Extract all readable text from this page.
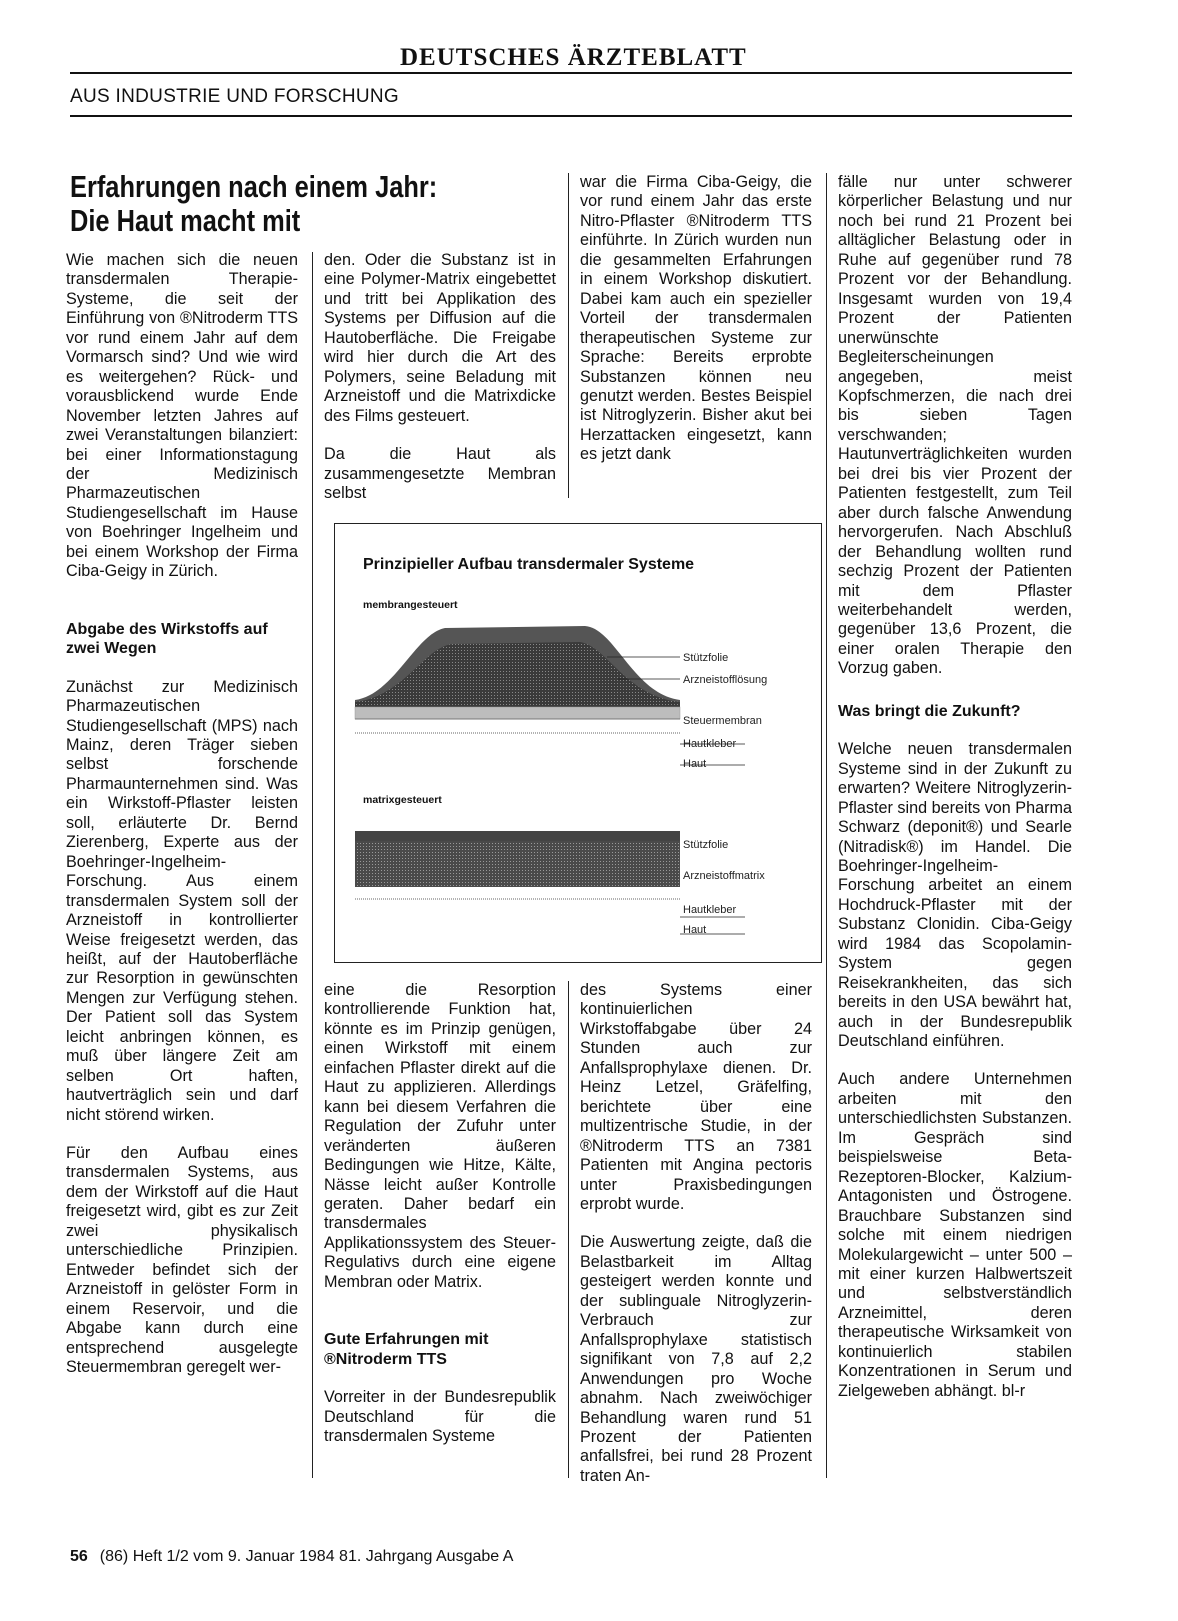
DEUTSCHES ÄRZTEBLATT
AUS INDUSTRIE UND FORSCHUNG
Erfahrungen nach einem Jahr:
Die Haut macht mit

Wie machen sich die neuen transdermalen Therapie-Systeme, die seit der Einführung von ®Nitroderm TTS vor rund einem Jahr auf dem Vormarsch sind? Und wie wird es weitergehen? Rück- und vorausblickend wurde Ende November letzten Jahres auf zwei Veranstaltungen bilanziert: bei einer Informationstagung der Medizinisch Pharmazeutischen Studiengesellschaft im Hause von Boehringer Ingelheim und bei einem Workshop der Firma Ciba-Geigy in Zürich.

Abgabe des Wirkstoffs auf zwei Wegen

Zunächst zur Medizinisch Pharmazeutischen Studiengesellschaft (MPS) nach Mainz, deren Träger sieben selbst forschende Pharmaunternehmen sind. Was ein Wirkstoff-Pflaster leisten soll, erläuterte Dr. Bernd Zierenberg, Experte aus der Boehringer-Ingelheim-Forschung. Aus einem transdermalen System soll der Arzneistoff in kontrollierter Weise freigesetzt werden, das heißt, auf der Hautoberfläche zur Resorption in gewünschten Mengen zur Verfügung stehen. Der Patient soll das System leicht anbringen können, es muß über längere Zeit am selben Ort haften, hautverträglich sein und darf nicht störend wirken.

Für den Aufbau eines transdermalen Systems, aus dem der Wirkstoff auf die Haut freigesetzt wird, gibt es zur Zeit zwei physikalisch unterschiedliche Prinzipien. Entweder befindet sich der Arzneistoff in gelöster Form in einem Reservoir, und die Abgabe kann durch eine entsprechend ausgelegte Steuermembran geregelt wer-

den. Oder die Substanz ist in eine Polymer-Matrix eingebettet und tritt bei Applikation des Systems per Diffusion auf die Hautoberfläche. Die Freigabe wird hier durch die Art des Polymers, seine Beladung mit Arzneistoff und die Matrixdicke des Films gesteuert.

Da die Haut als zusammengesetzte Membran selbst

war die Firma Ciba-Geigy, die vor rund einem Jahr das erste Nitro-Pflaster ®Nitroderm TTS einführte. In Zürich wurden nun die gesammelten Erfahrungen in einem Workshop diskutiert. Dabei kam auch ein spezieller Vorteil der transdermalen therapeutischen Systeme zur Sprache: Bereits erprobte Substanzen können neu genutzt werden. Bestes Beispiel ist Nitroglyzerin. Bisher akut bei Herzattacken eingesetzt, kann es jetzt dank

fälle nur unter schwerer körperlicher Belastung und nur noch bei rund 21 Prozent bei alltäglicher Belastung oder in Ruhe auf gegenüber rund 78 Prozent vor der Behandlung. Insgesamt wurden von 19,4 Prozent der Patienten unerwünschte Begleiterscheinungen angegeben, meist Kopfschmerzen, die nach drei bis sieben Tagen verschwanden; Hautunverträglichkeiten wurden bei drei bis vier Prozent der Patienten festgestellt, zum Teil aber durch falsche Anwendung hervorgerufen. Nach Abschluß der Behandlung wollten rund sechzig Prozent der Patienten mit dem Pflaster weiterbehandelt werden, gegenüber 13,6 Prozent, die einer oralen Therapie den Vorzug gaben.

Was bringt die Zukunft?

Welche neuen transdermalen Systeme sind in der Zukunft zu erwarten? Weitere Nitroglyzerin-Pflaster sind bereits von Pharma Schwarz (deponit®) und Searle (Nitradisk®) im Handel. Die Boehringer-Ingelheim-Forschung arbeitet an einem Hochdruck-Pflaster mit der Substanz Clonidin. Ciba-Geigy wird 1984 das Scopolamin-System gegen Reisekrankheiten, das sich bereits in den USA bewährt hat, auch in der Bundesrepublik Deutschland einführen.

Auch andere Unternehmen arbeiten mit den unterschiedlichsten Substanzen. Im Gespräch sind beispielsweise Beta-Rezeptoren-Blocker, Kalzium-Antagonisten und Östrogene. Brauchbare Substanzen sind solche mit einem niedrigen Molekulargewicht – unter 500 – mit einer kurzen Halbwertszeit und selbstverständlich Arzneimittel, deren therapeutische Wirksamkeit von kontinuierlich stabilen Konzentrationen in Serum und Zielgeweben abhängt. bl-r

Prinzipieller Aufbau transdermaler Systeme
membrangesteuert
matrixgesteuert
Stützfolie
Arzneistofflösung
Steuermembran
Hautkleber
Haut
Stützfolie
Arzneistoffmatrix
Hautkleber
Haut

eine die Resorption kontrollierende Funktion hat, könnte es im Prinzip genügen, einen Wirkstoff mit einem einfachen Pflaster direkt auf die Haut zu applizieren. Allerdings kann bei diesem Verfahren die Regulation der Zufuhr unter veränderten äußeren Bedingungen wie Hitze, Kälte, Nässe leicht außer Kontrolle geraten. Daher bedarf ein transdermales Applikationssystem des Steuer-Regulativs durch eine eigene Membran oder Matrix.

Gute Erfahrungen mit ®Nitroderm TTS

Vorreiter in der Bundesrepublik Deutschland für die transdermalen Systeme

des Systems einer kontinuierlichen Wirkstoffabgabe über 24 Stunden auch zur Anfallsprophylaxe dienen. Dr. Heinz Letzel, Gräfelfing, berichtete über eine multizentrische Studie, in der ®Nitroderm TTS an 7381 Patienten mit Angina pectoris unter Praxisbedingungen erprobt wurde.

Die Auswertung zeigte, daß die Belastbarkeit im Alltag gesteigert werden konnte und der sublinguale Nitroglyzerin-Verbrauch zur Anfallsprophylaxe statistisch signifikant von 7,8 auf 2,2 Anwendungen pro Woche abnahm. Nach zweiwöchiger Behandlung waren rund 51 Prozent der Patienten anfallsfrei, bei rund 28 Prozent traten An-

56 (86) Heft 1/2 vom 9. Januar 1984 81. Jahrgang Ausgabe A
